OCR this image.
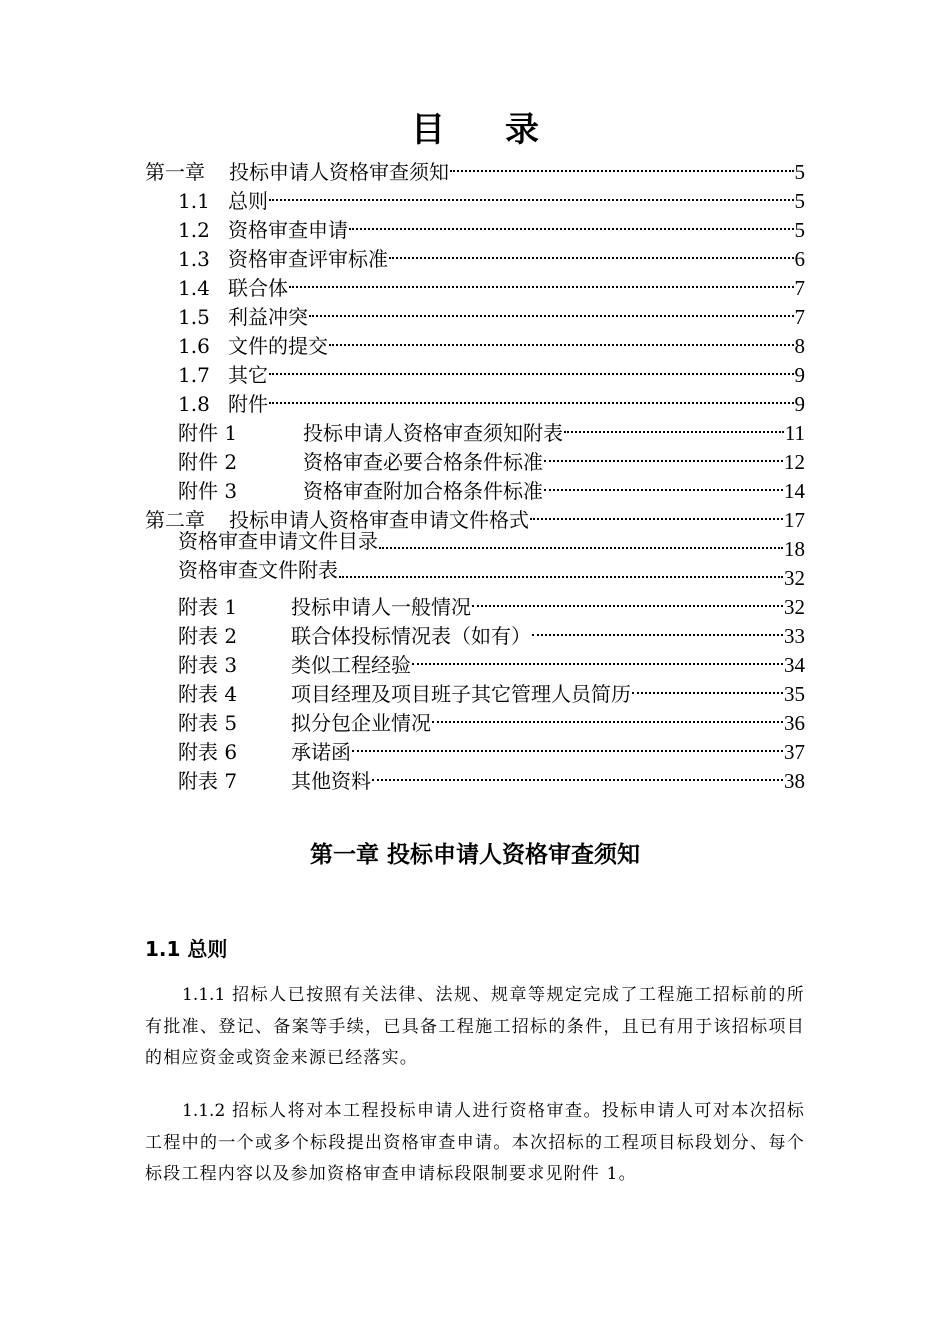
目 录
第一章	投标申请人资格审查须知	5
1.1 总则	5
1.2 资格审查申请	5
1.3 资格审查评审标准	6
1.4 联合体	7
1.5 利益冲突	7
1.6 文件的提交	8
1.7 其它	9
1.8 附件	9
附件 1	投标申请人资格审查须知附表	11
附件 2	资格审查必要合格条件标准	12
附件 3	资格审查附加合格条件标准	14
第二章	投标申请人资格审查申请文件格式	17
资格审查申请文件目录	18
资格审查文件附表	32
附表 1	投标申请人一般情况	32
附表 2	联合体投标情况表（如有）	33
附表 3	类似工程经验	34
附表 4	项目经理及项目班子其它管理人员简历	35
附表 5	拟分包企业情况	36
附表 6	承诺函	37
附表 7	其他资料	38
第一章 投标申请人资格审查须知
1.1 总则

1.1.1 招标人已按照有关法律、法规、规章等规定完成了工程施工招标前的所有批准、登记、备案等手续，已具备工程施工招标的条件，且已有用于该招标项目的相应资金或资金来源已经落实。

1.1.2 招标人将对本工程投标申请人进行资格审查。投标申请人可对本次招标工程中的一个或多个标段提出资格审查申请。本次招标的工程项目标段划分、每个标段工程内容以及参加资格审查申请标段限制要求见附件 1。
